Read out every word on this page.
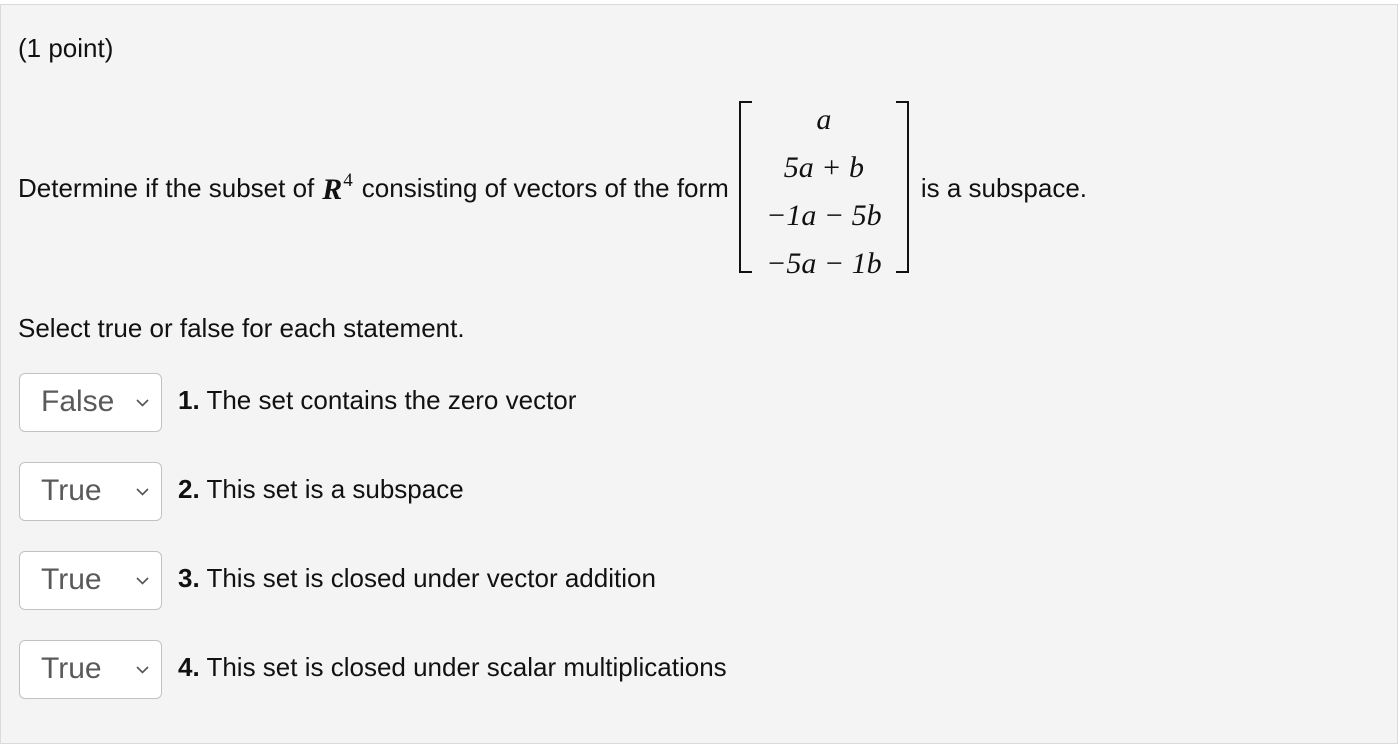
(1 point)
Determine if the subset of $R^4$ consisting of vectors of the form
a
5a + b
−1a − 5b
−5a − 1b
is a subspace.
Select true or false for each statement.
False 1. The set contains the zero vector
True	2. This set is a subspace
True	3. This set is closed under vector addition
True	4. This set is closed under scalar multiplications
